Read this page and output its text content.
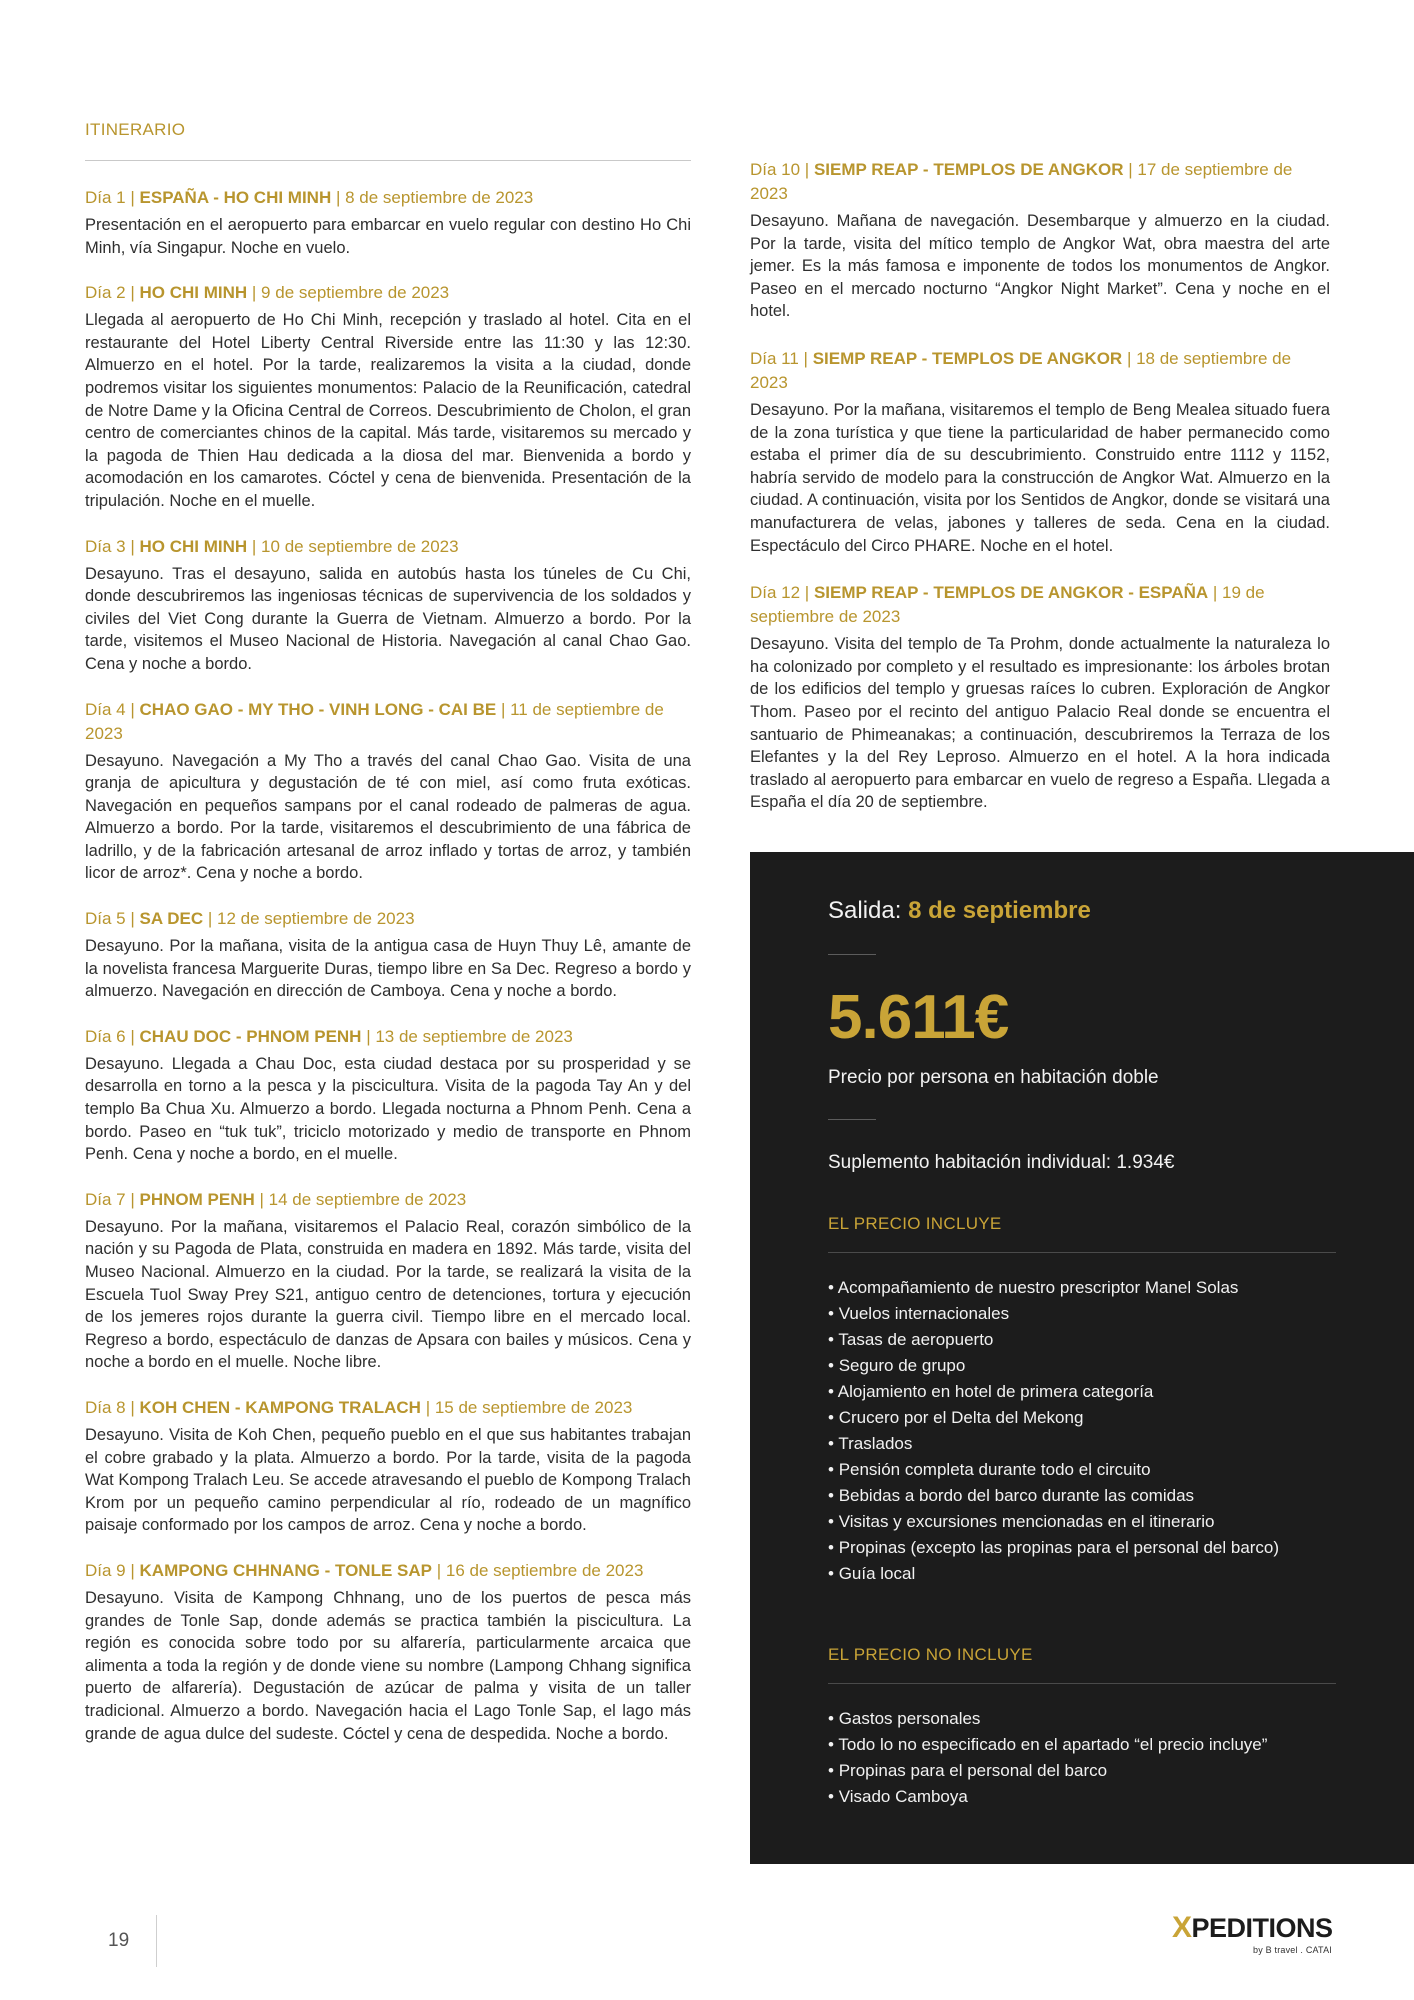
ITINERARIO
Día 1 | ESPAÑA - HO CHI MINH | 8 de septiembre de 2023
Presentación en el aeropuerto para embarcar en vuelo regular con destino Ho Chi Minh, vía Singapur. Noche en vuelo.
Día 2 | HO CHI MINH | 9 de septiembre de 2023
Llegada al aeropuerto de Ho Chi Minh, recepción y traslado al hotel. Cita en el restaurante del Hotel Liberty Central Riverside entre las 11:30 y las 12:30. Almuerzo en el hotel. Por la tarde, realizaremos la visita a la ciudad, donde podremos visitar los siguientes monumentos: Palacio de la Reunificación, catedral de Notre Dame y la Oficina Central de Correos. Descubrimiento de Cholon, el gran centro de comerciantes chinos de la capital. Más tarde, visitaremos su mercado y la pagoda de Thien Hau dedicada a la diosa del mar. Bienvenida a bordo y acomodación en los camarotes. Cóctel y cena de bienvenida. Presentación de la tripulación. Noche en el muelle.
Día 3 | HO CHI MINH | 10 de septiembre de 2023
Desayuno. Tras el desayuno, salida en autobús hasta los túneles de Cu Chi, donde descubriremos las ingeniosas técnicas de supervivencia de los soldados y civiles del Viet Cong durante la Guerra de Vietnam. Almuerzo a bordo. Por la tarde, visitemos el Museo Nacional de Historia. Navegación al canal Chao Gao. Cena y noche a bordo.
Día 4 | CHAO GAO - MY THO - VINH LONG - CAI BE | 11 de septiembre de 2023
Desayuno. Navegación a My Tho a través del canal Chao Gao. Visita de una granja de apicultura y degustación de té con miel, así como fruta exóticas. Navegación en pequeños sampans por el canal rodeado de palmeras de agua. Almuerzo a bordo. Por la tarde, visitaremos el descubrimiento de una fábrica de ladrillo, y de la fabricación artesanal de arroz inflado y tortas de arroz, y también licor de arroz*. Cena y noche a bordo.
Día 5 | SA DEC | 12 de septiembre de 2023
Desayuno. Por la mañana, visita de la antigua casa de Huyn Thuy Lê, amante de la novelista francesa Marguerite Duras, tiempo libre en Sa Dec. Regreso a bordo y almuerzo. Navegación en dirección de Camboya. Cena y noche a bordo.
Día 6 | CHAU DOC - PHNOM PENH | 13 de septiembre de 2023
Desayuno. Llegada a Chau Doc, esta ciudad destaca por su prosperidad y se desarrolla en torno a la pesca y la piscicultura. Visita de la pagoda Tay An y del templo Ba Chua Xu. Almuerzo a bordo. Llegada nocturna a Phnom Penh. Cena a bordo. Paseo en “tuk tuk”, triciclo motorizado y medio de transporte en Phnom Penh. Cena y noche a bordo, en el muelle.
Día 7 | PHNOM PENH | 14 de septiembre de 2023
Desayuno. Por la mañana, visitaremos el Palacio Real, corazón simbólico de la nación y su Pagoda de Plata, construida en madera en 1892. Más tarde, visita del Museo Nacional. Almuerzo en la ciudad. Por la tarde, se realizará la visita de la Escuela Tuol Sway Prey S21, antiguo centro de detenciones, tortura y ejecución de los jemeres rojos durante la guerra civil. Tiempo libre en el mercado local. Regreso a bordo, espectáculo de danzas de Apsara con bailes y músicos. Cena y noche a bordo en el muelle. Noche libre.
Día 8 | KOH CHEN - KAMPONG TRALACH | 15 de septiembre de 2023
Desayuno. Visita de Koh Chen, pequeño pueblo en el que sus habitantes trabajan el cobre grabado y la plata. Almuerzo a bordo. Por la tarde, visita de la pagoda Wat Kompong Tralach Leu. Se accede atravesando el pueblo de Kompong Tralach Krom por un pequeño camino perpendicular al río, rodeado de un magnífico paisaje conformado por los campos de arroz. Cena y noche a bordo.
Día 9 | KAMPONG CHHNANG - TONLE SAP | 16 de septiembre de 2023
Desayuno. Visita de Kampong Chhnang, uno de los puertos de pesca más grandes de Tonle Sap, donde además se practica también la piscicultura. La región es conocida sobre todo por su alfarería, particularmente arcaica que alimenta a toda la región y de donde viene su nombre (Lampong Chhang significa puerto de alfarería). Degustación de azúcar de palma y visita de un taller tradicional. Almuerzo a bordo. Navegación hacia el Lago Tonle Sap, el lago más grande de agua dulce del sudeste. Cóctel y cena de despedida. Noche a bordo.
Día 10 | SIEMP REAP - TEMPLOS DE ANGKOR | 17 de septiembre de 2023
Desayuno. Mañana de navegación. Desembarque y almuerzo en la ciudad. Por la tarde, visita del mítico templo de Angkor Wat, obra maestra del arte jemer. Es la más famosa e imponente de todos los monumentos de Angkor. Paseo en el mercado nocturno “Angkor Night Market”. Cena y noche en el hotel.
Día 11 | SIEMP REAP - TEMPLOS DE ANGKOR | 18 de septiembre de 2023
Desayuno. Por la mañana, visitaremos el templo de Beng Mealea situado fuera de la zona turística y que tiene la particularidad de haber permanecido como estaba el primer día de su descubrimiento. Construido entre 1112 y 1152, habría servido de modelo para la construcción de Angkor Wat. Almuerzo en la ciudad. A continuación, visita por los Sentidos de Angkor, donde se visitará una manufacturera de velas, jabones y talleres de seda. Cena en la ciudad. Espectáculo del Circo PHARE. Noche en el hotel.
Día 12 | SIEMP REAP - TEMPLOS DE ANGKOR - ESPAÑA | 19 de septiembre de 2023
Desayuno. Visita del templo de Ta Prohm, donde actualmente la naturaleza lo ha colonizado por completo y el resultado es impresionante: los árboles brotan de los edificios del templo y gruesas raíces lo cubren. Exploración de Angkor Thom. Paseo por el recinto del antiguo Palacio Real donde se encuentra el santuario de Phimeanakas; a continuación, descubriremos la Terraza de los Elefantes y la del Rey Leproso. Almuerzo en el hotel. A la hora indicada traslado al aeropuerto para embarcar en vuelo de regreso a España. Llegada a España el día 20 de septiembre.
Salida: 8 de septiembre
5.611€
Precio por persona en habitación doble
Suplemento habitación individual: 1.934€
EL PRECIO INCLUYE
• Acompañamiento de nuestro prescriptor Manel Solas
• Vuelos internacionales
• Tasas de aeropuerto
• Seguro de grupo
• Alojamiento en hotel de primera categoría
• Crucero por el Delta del Mekong
• Traslados
• Pensión completa durante todo el circuito
• Bebidas a bordo del barco durante las comidas
• Visitas y excursiones mencionadas en el itinerario
• Propinas (excepto las propinas para el personal del barco)
• Guía local
EL PRECIO NO INCLUYE
• Gastos personales
• Todo lo no especificado en el apartado “el precio incluye”
• Propinas para el personal del barco
• Visado Camboya
19	XPEDITIONS
by B travel . CATAI
